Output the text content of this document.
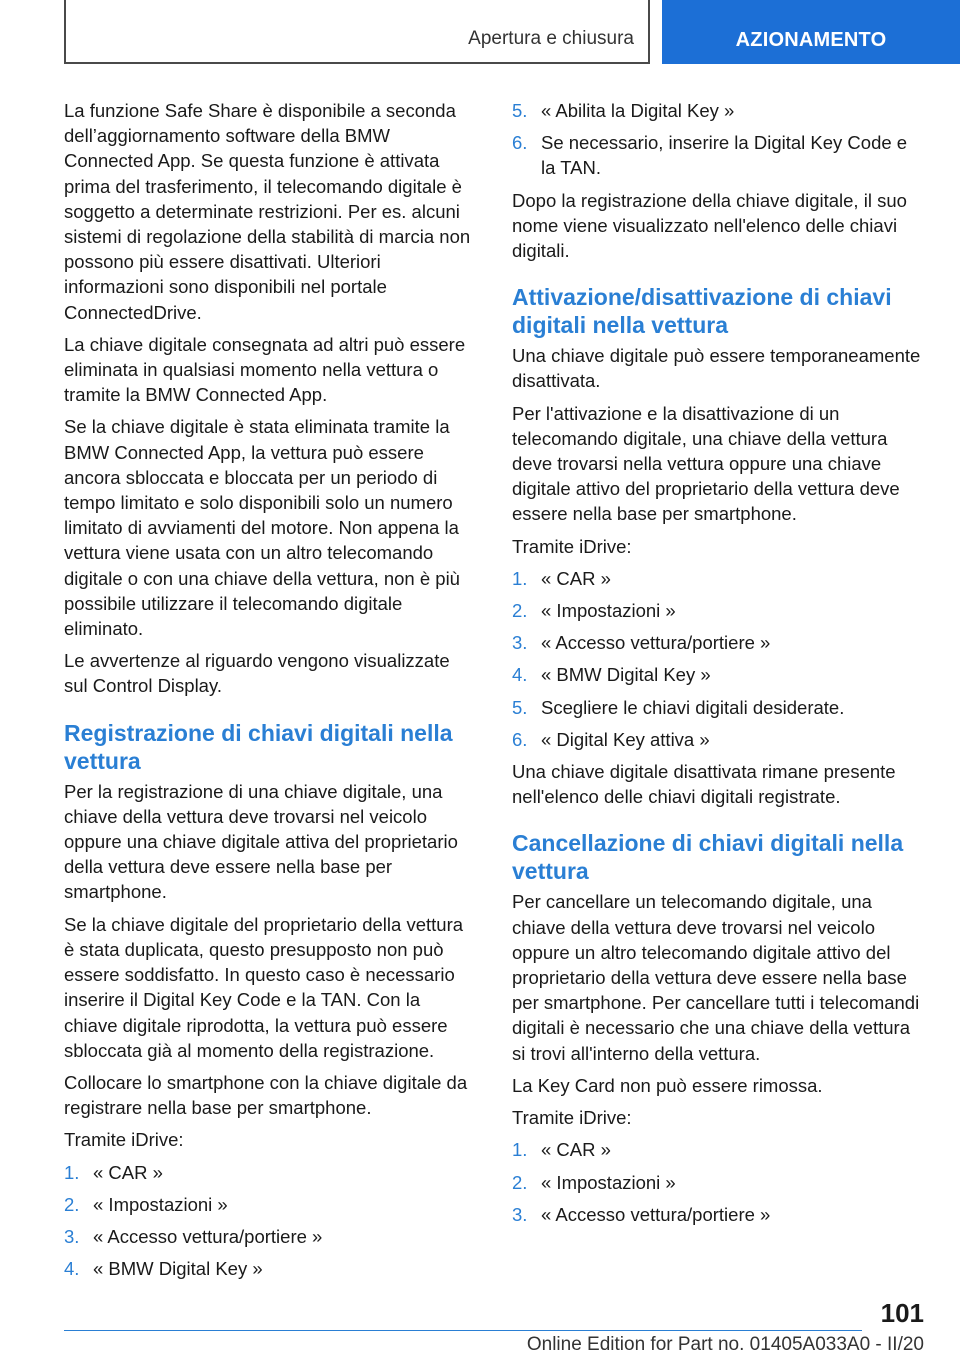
Apertura e chiusura	AZIONAMENTO

La funzione Safe Share è disponibile a seconda dell’aggiornamento software della BMW Connected App. Se questa funzione è attivata prima del trasferimento, il telecomando digitale è soggetto a determinate restrizioni. Per es. alcuni sistemi di regolazione della stabilità di marcia non possono più essere disattivati. Ulteriori informazioni sono disponibili nel portale ConnectedDrive.

La chiave digitale consegnata ad altri può essere eliminata in qualsiasi momento nella vettura o tramite la BMW Connected App.

Se la chiave digitale è stata eliminata tramite la BMW Connected App, la vettura può essere ancora sbloccata e bloccata per un periodo di tempo limitato e solo disponibili solo un numero limitato di avviamenti del motore. Non appena la vettura viene usata con un altro telecomando digitale o con una chiave della vettura, non è più possibile utilizzare il telecomando digitale eliminato.

Le avvertenze al riguardo vengono visualizzate sul Control Display.

Registrazione di chiavi digitali nella vettura

Per la registrazione di una chiave digitale, una chiave della vettura deve trovarsi nel veicolo oppure una chiave digitale attiva del proprietario della vettura deve essere nella base per smartphone.

Se la chiave digitale del proprietario della vettura è stata duplicata, questo presupposto non può essere soddisfatto. In questo caso è necessario inserire il Digital Key Code e la TAN. Con la chiave digitale riprodotta, la vettura può essere sbloccata già al momento della registrazione.

Collocare lo smartphone con la chiave digitale da registrare nella base per smartphone.

Tramite iDrive:

1. « CAR »
2. « Impostazioni »
3. « Accesso vettura/portiere »
4. « BMW Digital Key »
5. « Abilita la Digital Key »
6. Se necessario, inserire la Digital Key Code e la TAN.

Dopo la registrazione della chiave digitale, il suo nome viene visualizzato nell'elenco delle chiavi digitali.

Attivazione/disattivazione di chiavi digitali nella vettura

Una chiave digitale può essere temporaneamente disattivata.

Per l'attivazione e la disattivazione di un telecomando digitale, una chiave della vettura deve trovarsi nella vettura oppure una chiave digitale attivo del proprietario della vettura deve essere nella base per smartphone.

Tramite iDrive:

1. « CAR »
2. « Impostazioni »
3. « Accesso vettura/portiere »
4. « BMW Digital Key »
5. Scegliere le chiavi digitali desiderate.
6. « Digital Key attiva »

Una chiave digitale disattivata rimane presente nell'elenco delle chiavi digitali registrate.

Cancellazione di chiavi digitali nella vettura

Per cancellare un telecomando digitale, una chiave della vettura deve trovarsi nel veicolo oppure un altro telecomando digitale attivo del proprietario della vettura deve essere nella base per smartphone. Per cancellare tutti i telecomandi digitali è necessario che una chiave della vettura si trovi all'interno della vettura.

La Key Card non può essere rimossa.

Tramite iDrive:

1. « CAR »
2. « Impostazioni »
3. « Accesso vettura/portiere »
101
Online Edition for Part no. 01405A033A0 - II/20
